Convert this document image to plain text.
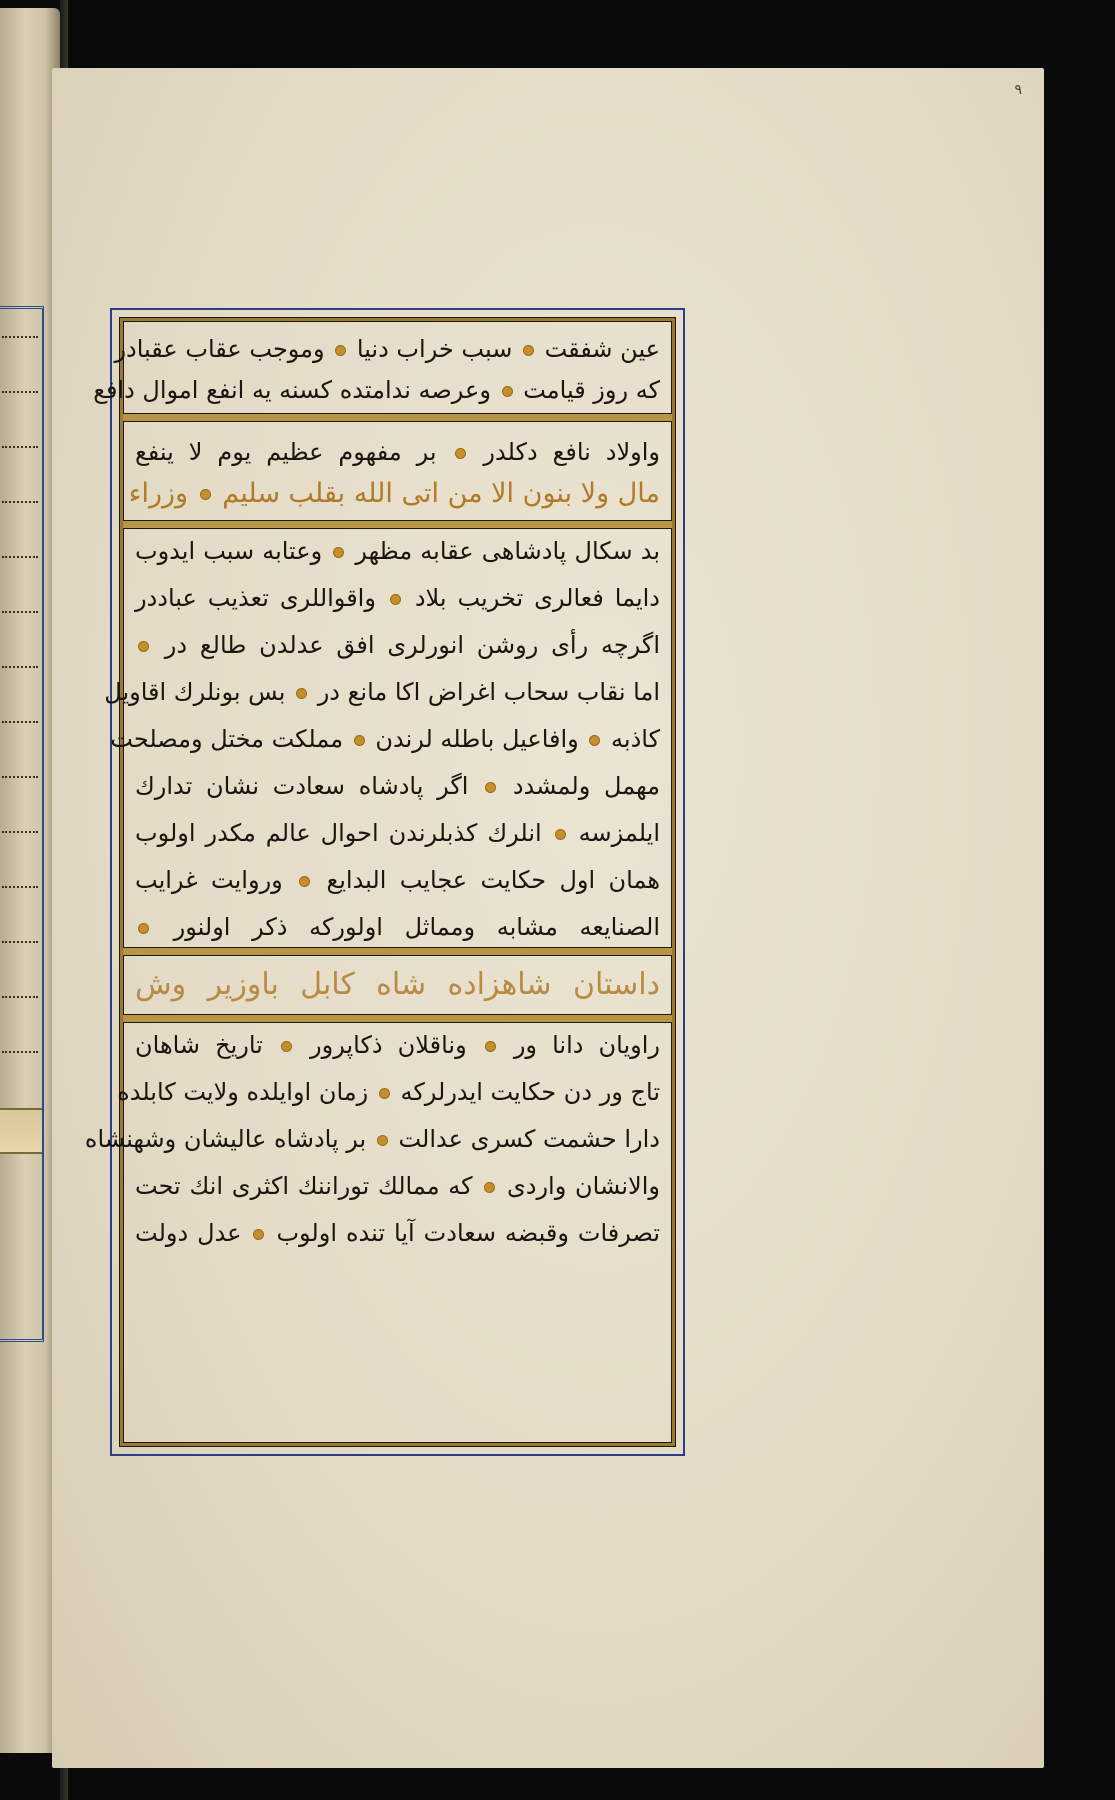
٩
عين شفقت  سبب خراب دنيا  وموجب عقاب عقبادر
كه روز قيامت  وعرصه ندامتده كسنه يه انفع اموال دافع
واولاد نافع دكلدر  بر مفهوم عظيم يوم لا ينفع
مال ولا بنون الا من اتى الله بقلب سليم  وزراء
بد سكال پادشاهى عقابه مظهر  وعتابه سبب ايدوب
دايما فعالرى تخريب بلاد  واقواللرى تعذيب عباددر
اگرچه رأى روشن انورلرى افق عدلدن طالع در
اما نقاب سحاب اغراض اكا مانع در  بس بونلرك اقاويل
كاذبه  وافاعيل باطله لرندن  مملكت مختل ومصلحت
مهمل ولمشدد  اگر پادشاه سعادت نشان تدارك
ايلمزسه  انلرك كذبلرندن احوال عالم مكدر اولوب
همان اول حكايت عجايب البدايع  وروايت غرايب
الصنايعه مشابه ومماثل اولوركه ذكر اولنور
داستان شاهزاده شاه كابل باوزير وش
راويان دانا ور  وناقلان ذكاپرور  تاريخ شاهان
تاج ور دن حكايت ايدرلركه  زمان اوايلده ولايت كابلده
دارا حشمت كسرى عدالت  بر پادشاه عاليشان وشهنشاه
والانشان واردى  كه ممالك توراننك اكثرى انك تحت
تصرفات وقبضه سعادت آيا تنده اولوب  عدل دولت
